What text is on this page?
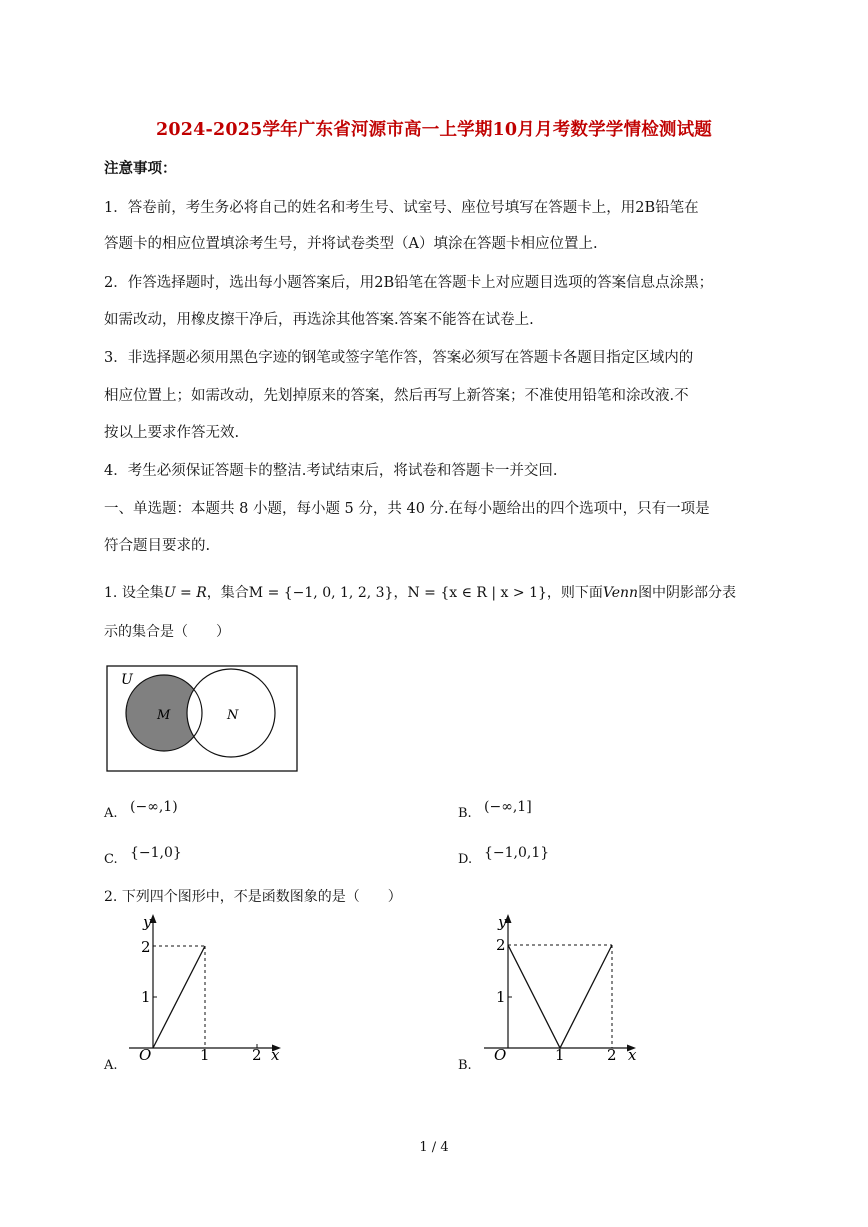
2024-2025学年广东省河源市高一上学期10月月考数学学情检测试题
注意事项：
1．答卷前，考生务必将自己的姓名和考生号、试室号、座位号填写在答题卡上，用2B铅笔在
答题卡的相应位置填涂考生号，并将试卷类型（A）填涂在答题卡相应位置上.
2．作答选择题时，选出每小题答案后，用2B铅笔在答题卡上对应题目选项的答案信息点涂黑；
如需改动，用橡皮擦干净后，再选涂其他答案.答案不能答在试卷上.
3．非选择题必须用黑色字迹的钢笔或签字笔作答，答案必须写在答题卡各题目指定区域内的
相应位置上；如需改动，先划掉原来的答案，然后再写上新答案；不准使用铅笔和涂改液.不
按以上要求作答无效.
4．考生必须保证答题卡的整洁.考试结束后，将试卷和答题卡一并交回.
一、单选题：本题共 8 小题，每小题 5 分，共 40 分.在每小题给出的四个选项中，只有一项是
符合题目要求的.
1. 设全集U = R，集合M = {−1, 0, 1, 2, 3}，N = {x ∈ R | x > 1}，则下面Venn图中阴影部分表
示的集合是（　　）
U
M	N
A. (−∞,1)	B. (−∞,1]
C. {−1,0}	D. {−1,0,1}
2. 下列四个图形中，不是函数图象的是（　　）
y
x
O
2
1
1	2
A.
y
x
O
2
1
1	2
B.
1 / 4
